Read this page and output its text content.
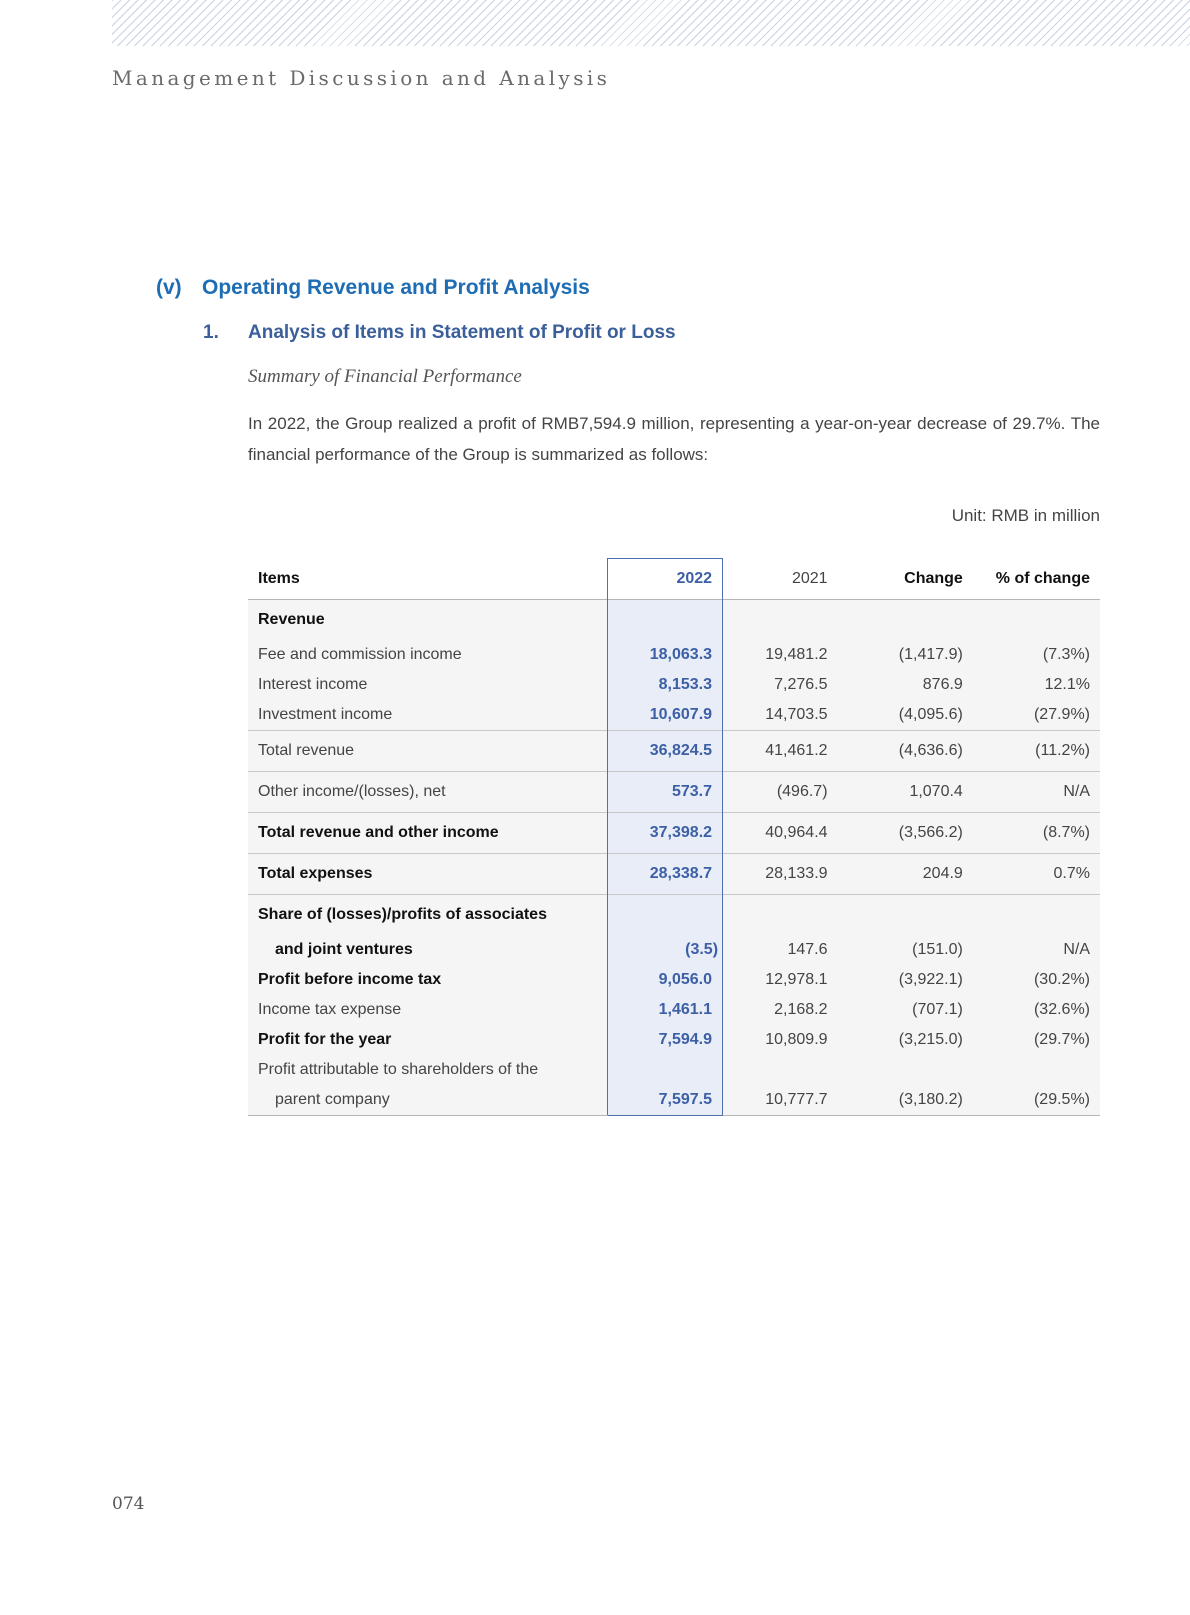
Management Discussion and Analysis
(v) Operating Revenue and Profit Analysis
1. Analysis of Items in Statement of Profit or Loss
Summary of Financial Performance
In 2022, the Group realized a profit of RMB7,594.9 million, representing a year-on-year decrease of 29.7%. The financial performance of the Group is summarized as follows:
Unit: RMB in million
Items	2022	2021	Change	% of change
Revenue				
Fee and commission income	18,063.3	19,481.2	(1,417.9)	(7.3%)
Interest income	8,153.3	7,276.5	876.9	12.1%
Investment income	10,607.9	14,703.5	(4,095.6)	(27.9%)
Total revenue	36,824.5	41,461.2	(4,636.6)	(11.2%)
Other income/(losses), net	573.7	(496.7)	1,070.4	N/A
Total revenue and other income	37,398.2	40,964.4	(3,566.2)	(8.7%)
Total expenses	28,338.7	28,133.9	204.9	0.7%
Share of (losses)/profits of associates				
and joint ventures	(3.5)	147.6	(151.0)	N/A
Profit before income tax	9,056.0	12,978.1	(3,922.1)	(30.2%)
Income tax expense	1,461.1	2,168.2	(707.1)	(32.6%)
Profit for the year	7,594.9	10,809.9	(3,215.0)	(29.7%)
Profit attributable to shareholders of the				
parent company	7,597.5	10,777.7	(3,180.2)	(29.5%)
074
